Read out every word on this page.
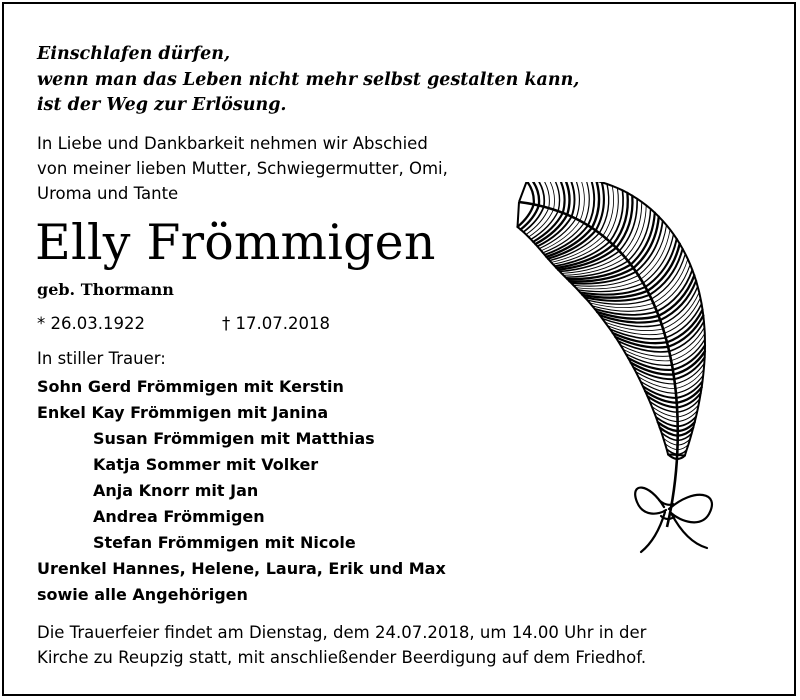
Einschlafen dürfen,
wenn man das Leben nicht mehr selbst gestalten kann,
ist der Weg zur Erlösung.
In Liebe und Dankbarkeit nehmen wir Abschied
von meiner lieben Mutter, Schwiegermutter, Omi,
Uroma und Tante
Elly Frömmigen
geb. Thormann
* 26.03.1922	† 17.07.2018
In stiller Trauer:
Sohn Gerd Frömmigen mit Kerstin
Enkel Kay Frömmigen mit Janina
Susan Frömmigen mit Matthias
Katja Sommer mit Volker
Anja Knorr mit Jan
Andrea Frömmigen
Stefan Frömmigen mit Nicole
Urenkel Hannes, Helene, Laura, Erik und Max
sowie alle Angehörigen
Die Trauerfeier findet am Dienstag, dem 24.07.2018, um 14.00 Uhr in der
Kirche zu Reupzig statt, mit anschließender Beerdigung auf dem Friedhof.
